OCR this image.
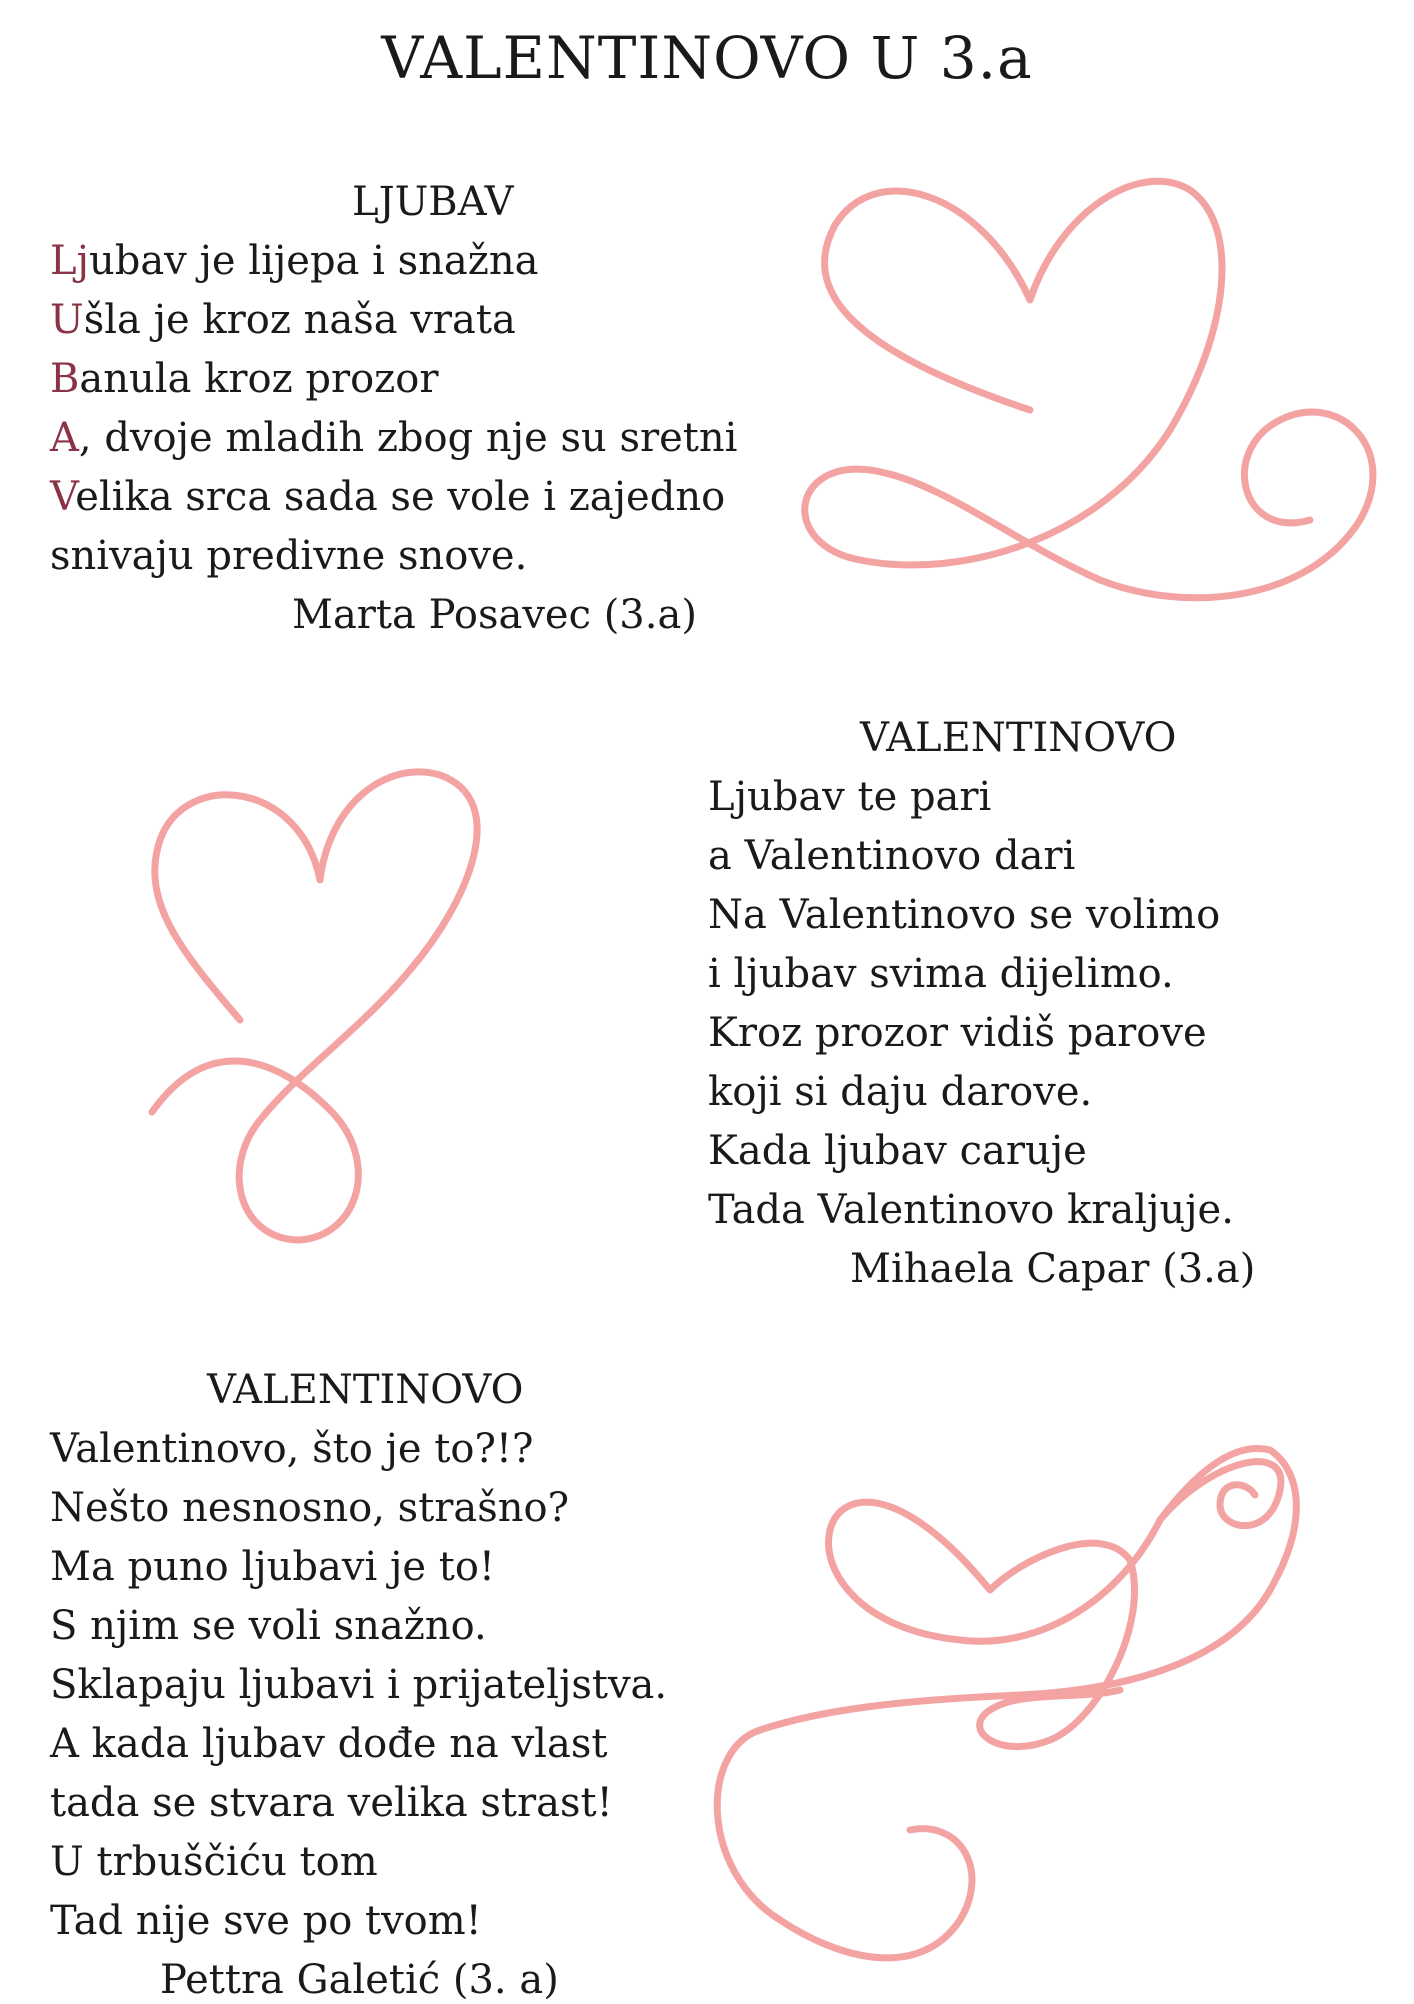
VALENTINOVO U 3.a
LJUBAV
Ljubav je lijepa i snažna
Ušla je kroz naša vrata
Banula kroz prozor
A, dvoje mladih zbog nje su sretni
Velika srca sada se vole i zajedno
snivaju predivne snove.
Marta Posavec (3.a)
VALENTINOVO
Ljubav te pari
a Valentinovo dari
Na Valentinovo se volimo
i ljubav svima dijelimo.
Kroz prozor vidiš parove
koji si daju darove.
Kada ljubav caruje
Tada Valentinovo kraljuje.
Mihaela Capar (3.a)
VALENTINOVO
Valentinovo, što je to?!?
Nešto nesnosno, strašno?
Ma puno ljubavi je to!
S njim se voli snažno.
Sklapaju ljubavi i prijateljstva.
A kada ljubav dođe na vlast
tada se stvara velika strast!
U trbuščiću tom
Tad nije sve po tvom!
Pettra Galetić (3. a)
